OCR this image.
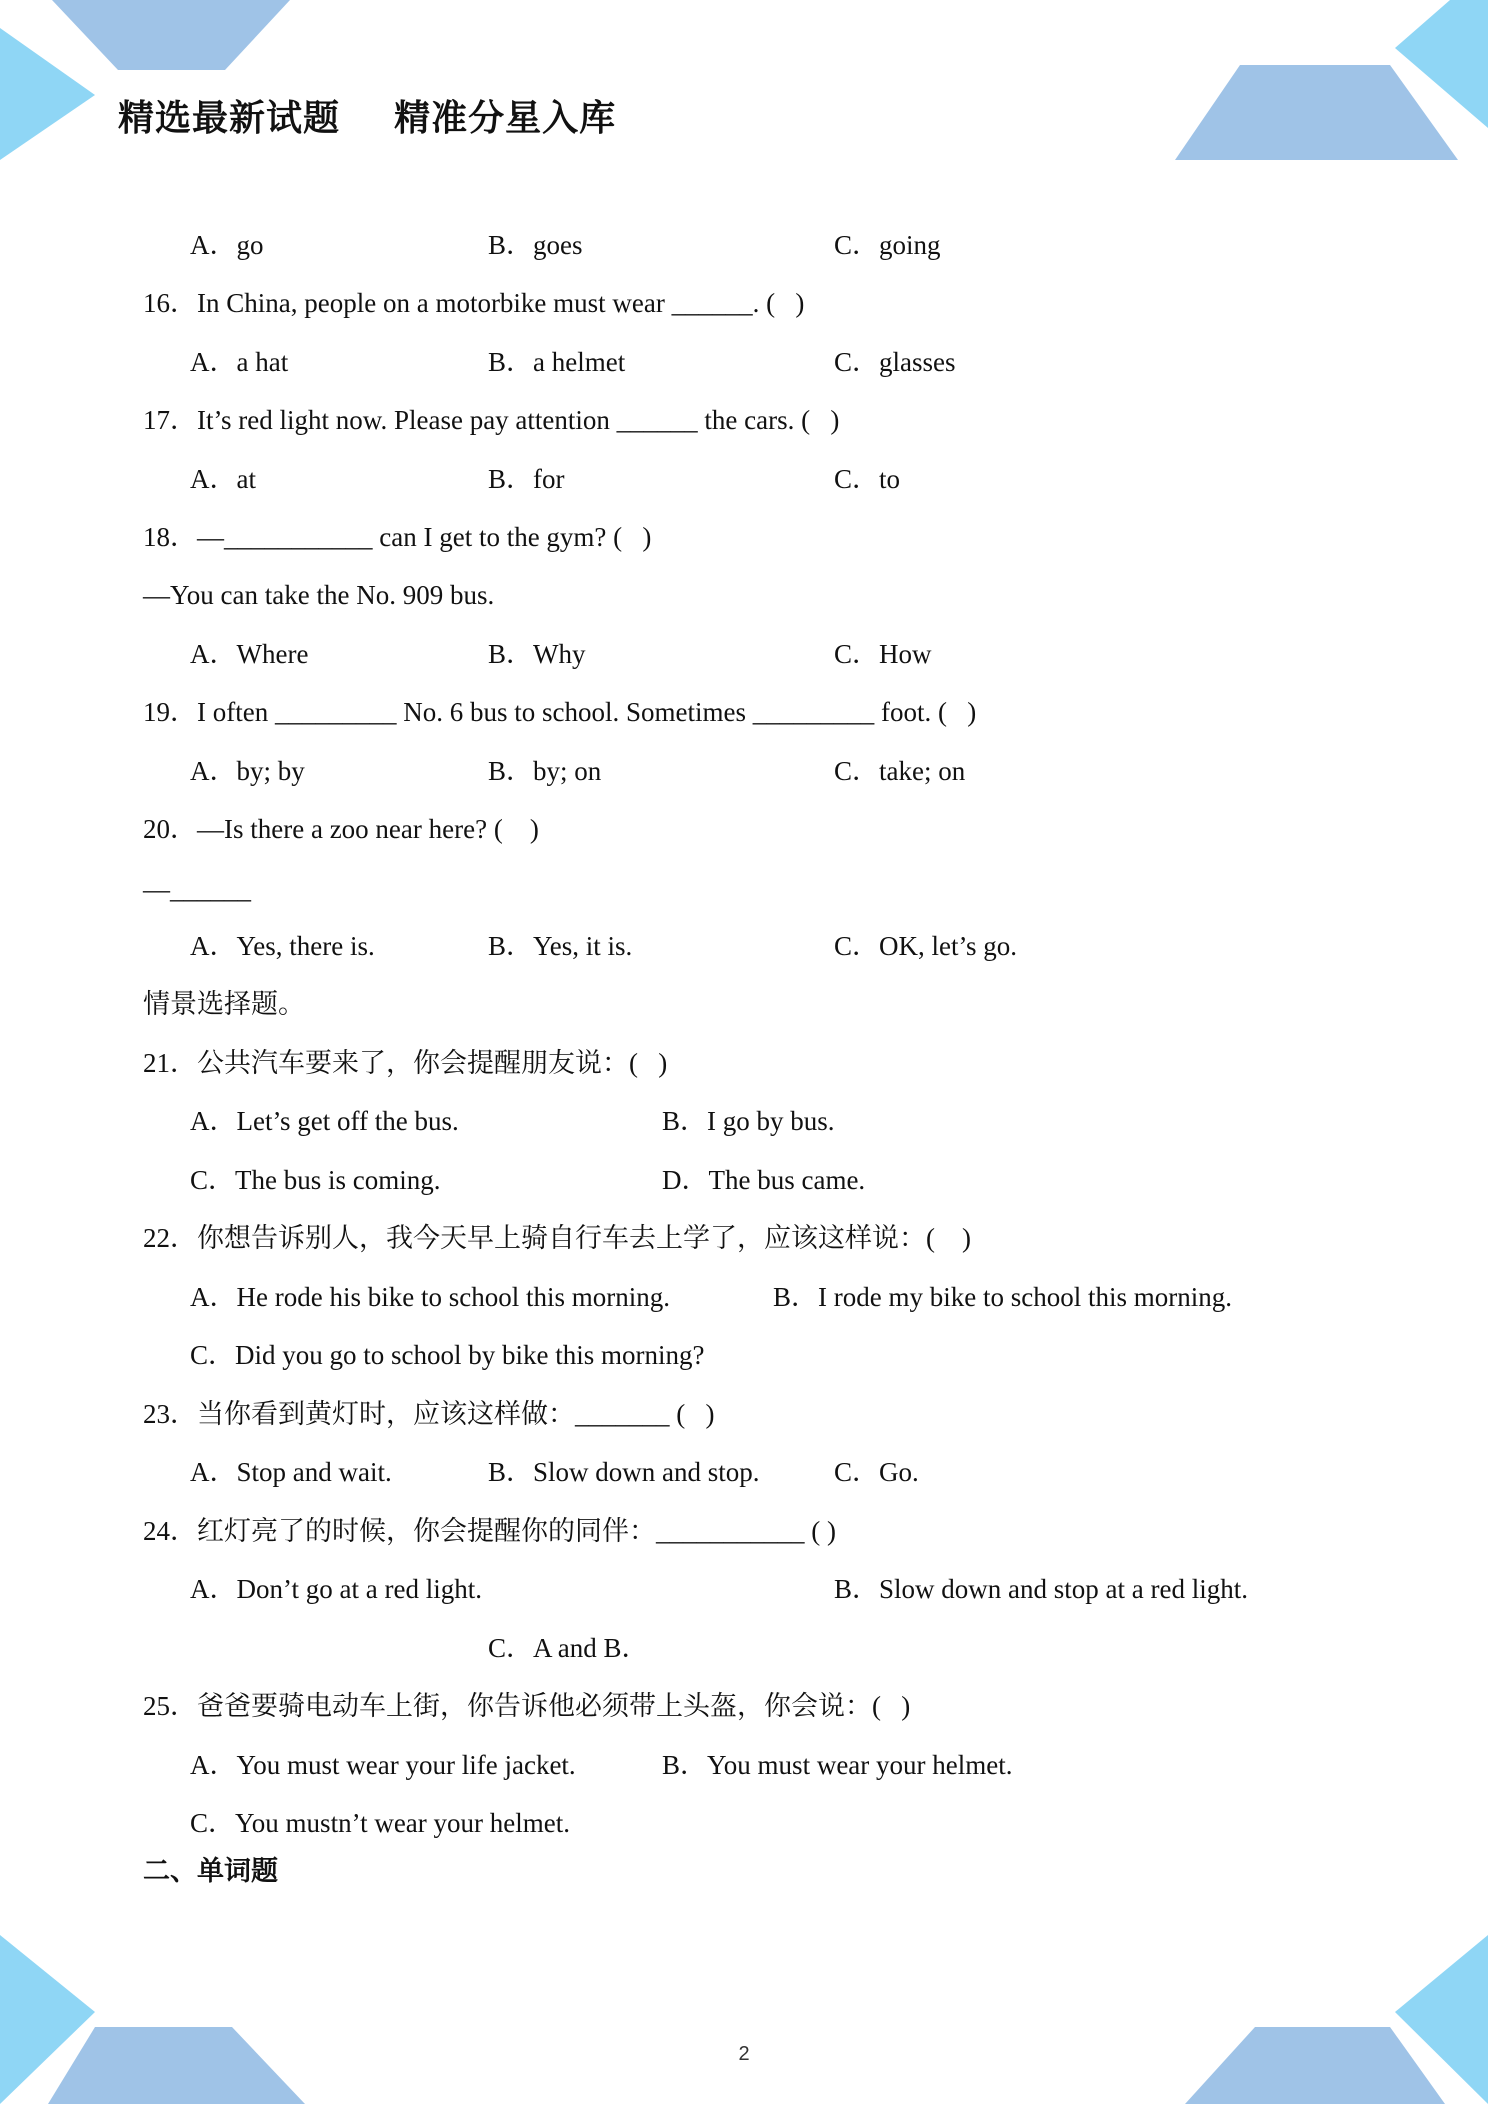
精选最新试题    精准分星入库
A．go	B．goes	C．going
16．In China, people on a motorbike must wear ______. (   )
A．a hat	B．a helmet	C．glasses
17．It’s red light now. Please pay attention ______ the cars. (   )
A．at	B．for	C．to
18．—___________ can I get to the gym? (   )
—You can take the No. 909 bus.
A．Where	B．Why	C．How
19．I often _________ No. 6 bus to school. Sometimes _________ foot. (   )
A．by; by	B．by; on	C．take; on
20．—Is there a zoo near here? (    )
—______
A．Yes, there is.	B．Yes, it is.	C．OK, let’s go.
情景选择题。
21．公共汽车要来了，你会提醒朋友说：(   )
A．Let’s get off the bus.	B．I go by bus.
C．The bus is coming.	D．The bus came.
22．你想告诉别人，我今天早上骑自行车去上学了，应该这样说：(    )
A．He rode his bike to school this morning.	B．I rode my bike to school this morning.
C．Did you go to school by bike this morning?
23．当你看到黄灯时，应该这样做：_______ (   )
A．Stop and wait.	B．Slow down and stop.	C．Go.
24．红灯亮了的时候，你会提醒你的同伴：___________ ( )
A．Don’t go at a red light.	B．Slow down and stop at a red light.
C．A and B．
25．爸爸要骑电动车上街，你告诉他必须带上头盔，你会说：(   )
A．You must wear your life jacket.	B．You must wear your helmet.
C．You mustn’t wear your helmet.
二、单词题
2
